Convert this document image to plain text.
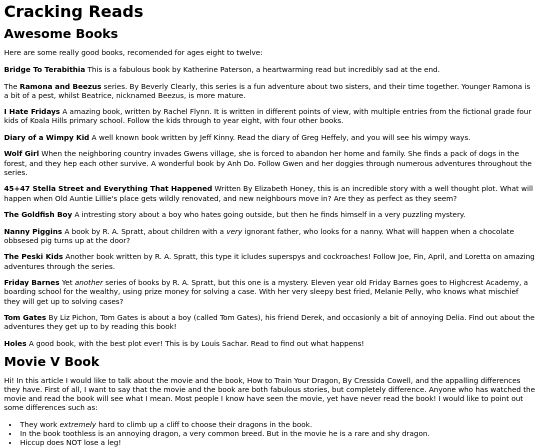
Cracking Reads
Awesome Books

Here are some really good books, recomended for ages eight to twelve:

Bridge To Terabithia This is a fabulous book by Katherine Paterson, a heartwarming read but incredibly sad at the end.

The Ramona and Beezus series. By Beverly Clearly, this series is a fun adventure about two sisters, and their time together. Younger Ramona is a bit of a pest, whilst Beatrice, nicknamed Beezus, is more mature.

I Hate Fridays A amazing book, written by Rachel Flynn. It is written in different points of view, with multiple entries from the fictional grade four kids of Koala Hills primary school. Follow the kids through to year eight, with four other books.

Diary of a Wimpy Kid A well known book written by Jeff Kinny. Read the diary of Greg Heffely, and you will see his wimpy ways.

Wolf Girl When the neighboring country invades Gwens village, she is forced to abandon her home and family. She finds a pack of dogs in the forest, and they hep each other survive. A wonderful book by Anh Do. Follow Gwen and her doggies through numerous adventures throughout the series.

45+47 Stella Street and Everything That Happened Written By Elizabeth Honey, this is an incredible story with a well thought plot. What will happen when Old Auntie Lillie's place gets wildly renovated, and new neighbours move in? Are they as perfect as they seem?

The Goldfish Boy A intresting story about a boy who hates going outside, but then he finds himself in a very puzzling mystery.

Nanny Piggins A book by R. A. Spratt, about children with a very ignorant father, who looks for a nanny. What will happen when a chocolate obbsesed pig turns up at the door?

The Peski Kids Another book written by R. A. Spratt, this type it icludes superspys and cockroaches! Follow Joe, Fin, April, and Loretta on amazing adventures through the series.

Friday Barnes Yet another series of books by R. A. Spratt, but this one is a mystery. Eleven year old Friday Barnes goes to Highcrest Academy, a boarding school for the wealthy, using prize money for solving a case. With her very sleepy best fried, Melanie Pelly, who knows what mischief they will get up to solving cases?

Tom Gates By Liz Pichon, Tom Gates is about a boy (called Tom Gates), his friend Derek, and occasionly a bit of annoying Delia. Find out about the adventures they get up to by reading this book!

Holes A good book, with the best plot ever! This is by Louis Sachar. Read to find out what happens!

Movie V Book

Hi! In this article I would like to talk about the movie and the book, How to Train Your Dragon, By Cressida Cowell, and the appalling differences they have. First of all, I want to say that the movie and the book are both fabulous stories, but completely difference. Anyone who has watched the movie and read the book will see what I mean. Most people I know have seen the movie, yet have never read the book! I would like to point out some differences such as:

• They work extremely hard to climb up a cliff to choose their dragons in the book.
• In the book toothless is an annoying dragon, a very common breed. But in the movie he is a rare and shy dragon.
• Hiccup does NOT lose a leg!
